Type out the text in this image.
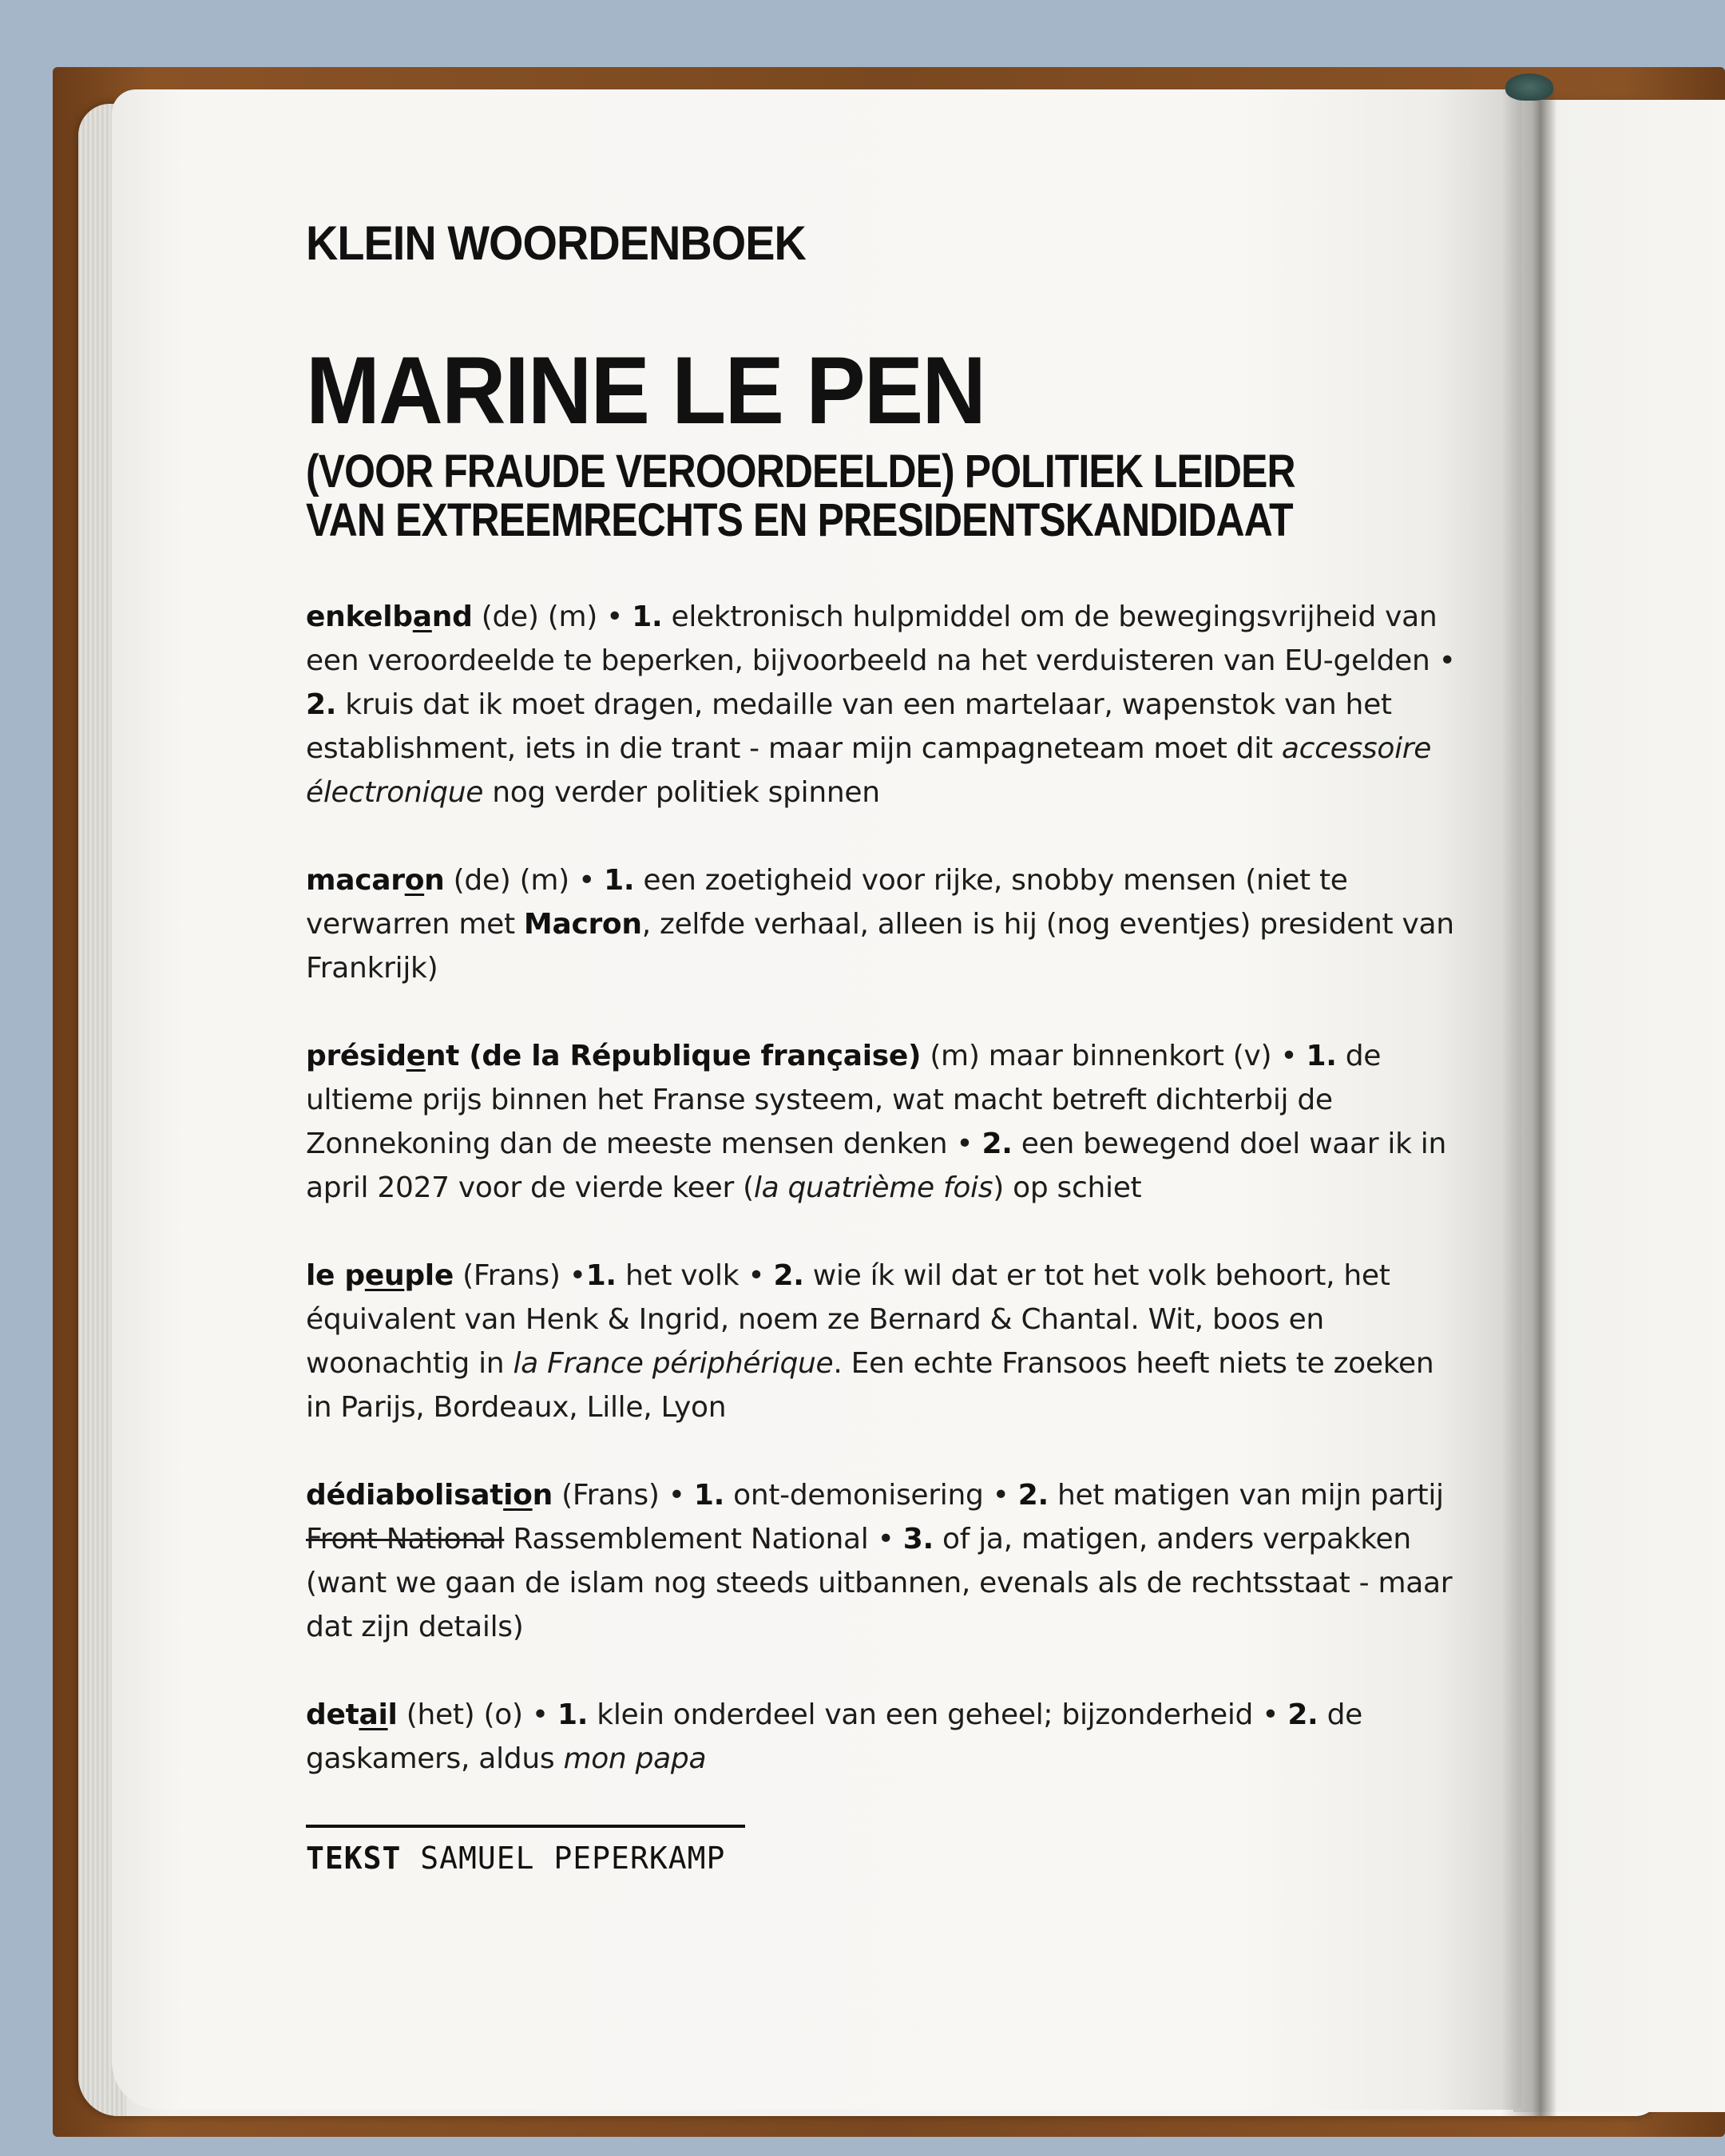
KLEIN WOORDENBOEK
MARINE LE PEN
(VOOR FRAUDE VEROORDEELDE) POLITIEK LEIDER
VAN EXTREEMRECHTS EN PRESIDENTSKANDIDAAT

enkelband (de) (m) • 1. elektronisch hulpmiddel om de bewegingsvrijheid van een veroordeelde te beperken, bijvoorbeeld na het verduisteren van EU-gelden • 2. kruis dat ik moet dragen, medaille van een martelaar, wapenstok van het establishment, iets in die trant - maar mijn campagneteam moet dit accessoire électronique nog verder politiek spinnen

macaron (de) (m) • 1. een zoetigheid voor rijke, snobby mensen (niet te verwarren met Macron, zelfde verhaal, alleen is hij (nog eventjes) president van Frankrijk)

président (de la République française) (m) maar binnenkort (v) • 1. de ultieme prijs binnen het Franse systeem, wat macht betreft dichterbij de Zonnekoning dan de meeste mensen denken • 2. een bewegend doel waar ik in april 2027 voor de vierde keer (la quatrième fois) op schiet

le peuple (Frans) •1. het volk • 2. wie ík wil dat er tot het volk behoort, het équivalent van Henk & Ingrid, noem ze Bernard & Chantal. Wit, boos en woonachtig in la France périphérique. Een echte Fransoos heeft niets te zoeken in Parijs, Bordeaux, Lille, Lyon

dédiabolisation (Frans) • 1. ont-demonisering • 2. het matigen van mijn partij Front National Rassemblement National • 3. of ja, matigen, anders verpakken (want we gaan de islam nog steeds uitbannen, evenals als de rechtsstaat - maar dat zijn details)

detail (het) (o) • 1. klein onderdeel van een geheel; bijzonderheid • 2. de gaskamers, aldus mon papa

TEKST SAMUEL PEPERKAMP
